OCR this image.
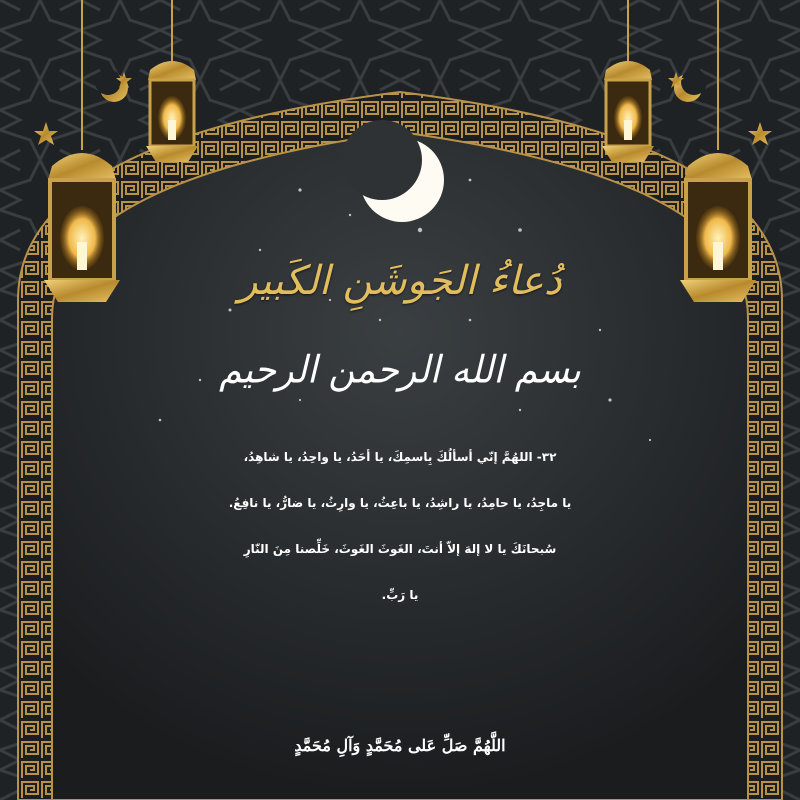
دُعاءُ الجَوشَنِ الكَبير
بسم الله الرحمن الرحيم
٣٢- اللهُمَّ إنّي أسألُكَ بِاسمِكَ، يا أحَدُ، يا واحِدُ، يا شاهِدُ،
يا ماجِدُ، يا حامِدُ، يا راشِدُ، يا باعِثُ، يا وارِثُ، يا ضارُّ، يا نافِعُ.
سُبحانَكَ يا لا إلهَ إلاّ أنتَ، الغَوثَ الغَوثَ، خَلِّصنا مِنَ النّارِ
يا رَبِّ.
اللَّهُمَّ صَلِّ عَلى مُحَمَّدٍ وَآلِ مُحَمَّدٍ
